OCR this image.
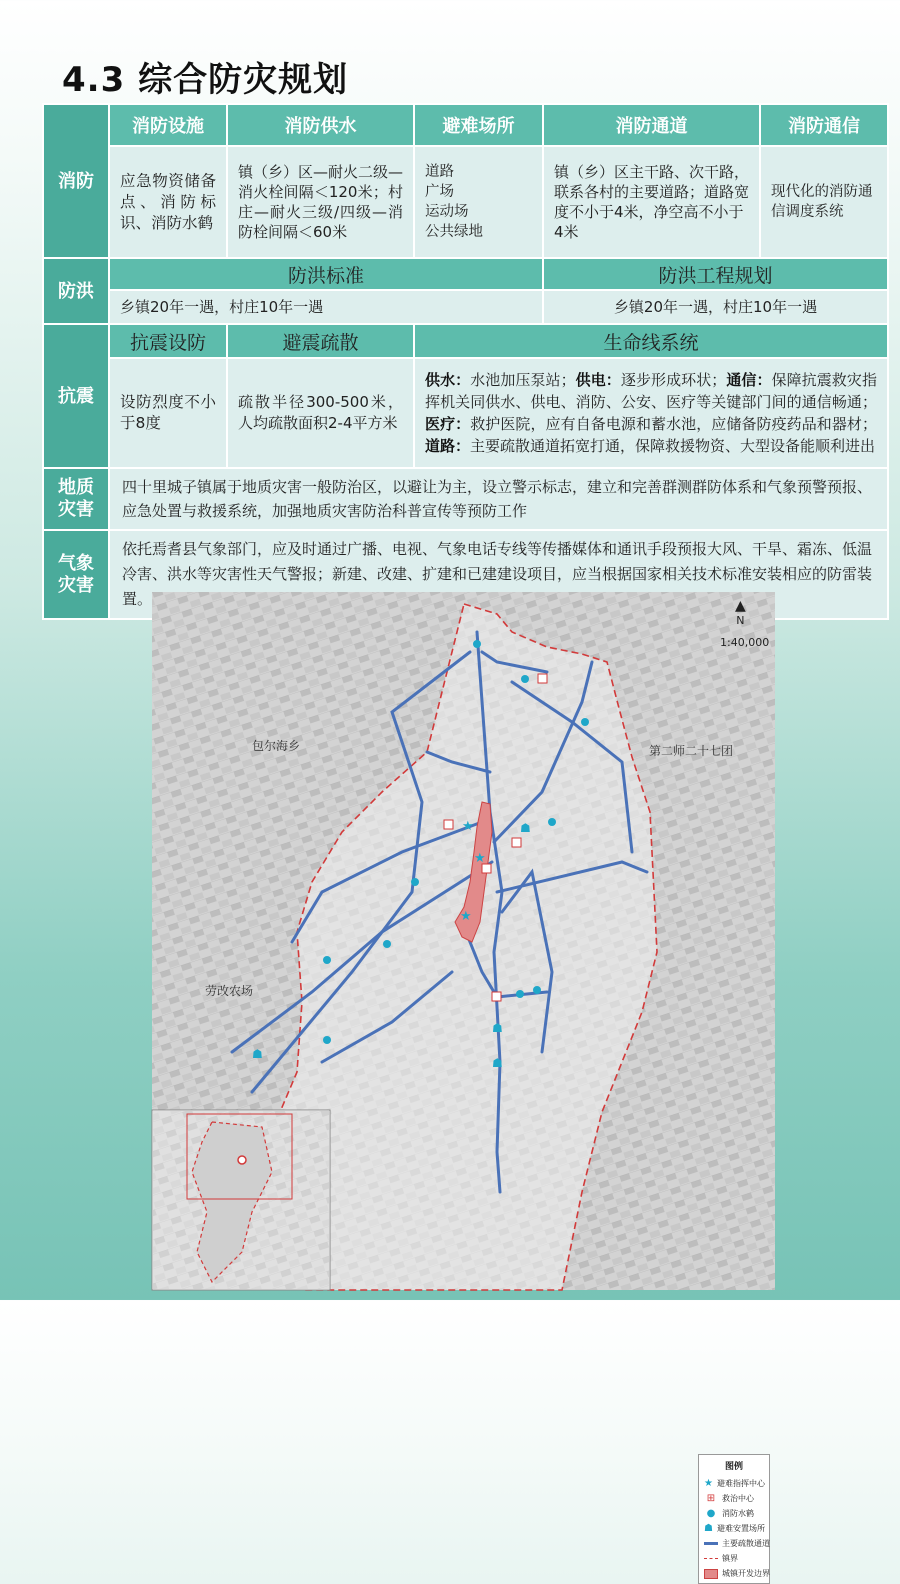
4.3 综合防灾规划
消防	消防设施	消防供水	避难场所	消防通道	消防通信
	应急物资储备点、消防标识、消防水鹤	镇（乡）区—耐火二级—消火栓间隔＜120米；村庄—耐火三级/四级—消防栓间隔＜60米	道路
广场
运动场
公共绿地	镇（乡）区主干路、次干路，联系各村的主要道路；道路宽度不小于4米，净空高不小于4米	现代化的消防通信调度系统
防洪	防洪标准			防洪工程规划	
	乡镇20年一遇，村庄10年一遇			乡镇20年一遇，村庄10年一遇	
抗震	抗震设防	避震疏散	生命线系统		
	设防烈度不小于8度	疏散半径300-500米，人均疏散面积2-4平方米	供水：水池加压泵站；供电：逐步形成环状；通信：保障抗震救灾指挥机关同供水、供电、消防、公安、医疗等关键部门间的通信畅通；医疗：救护医院，应有自备电源和蓄水池，应储备防疫药品和器材；道路：主要疏散通道拓宽打通，保障救援物资、大型设备能顺利进出		

地质灾害	四十里城子镇属于地质灾害一般防治区，以避让为主，设立警示标志，建立和完善群测群防体系和气象预警预报、应急处置与救援系统，加强地质灾害防治科普宣传等预防工作				

气象灾害	依托焉耆县气象部门，应及时通过广播、电视、气象电话专线等传播媒体和通讯手段预报大风、干旱、霜冻、低温冷害、洪水等灾害性天气警报；新建、改建、扩建和已建建设项目，应当根据国家相关技术标准安装相应的防雷装置。				
★
★
★
☗
☗
☗
☗
▲
N
1:40,000
包尔海乡	第二师二十七团
劳改农场
图例
★ 避难指挥中心
⊞ 救治中心
● 消防水鹤
☗ 避难安置场所
主要疏散通道
镇界
城镇开发边界
